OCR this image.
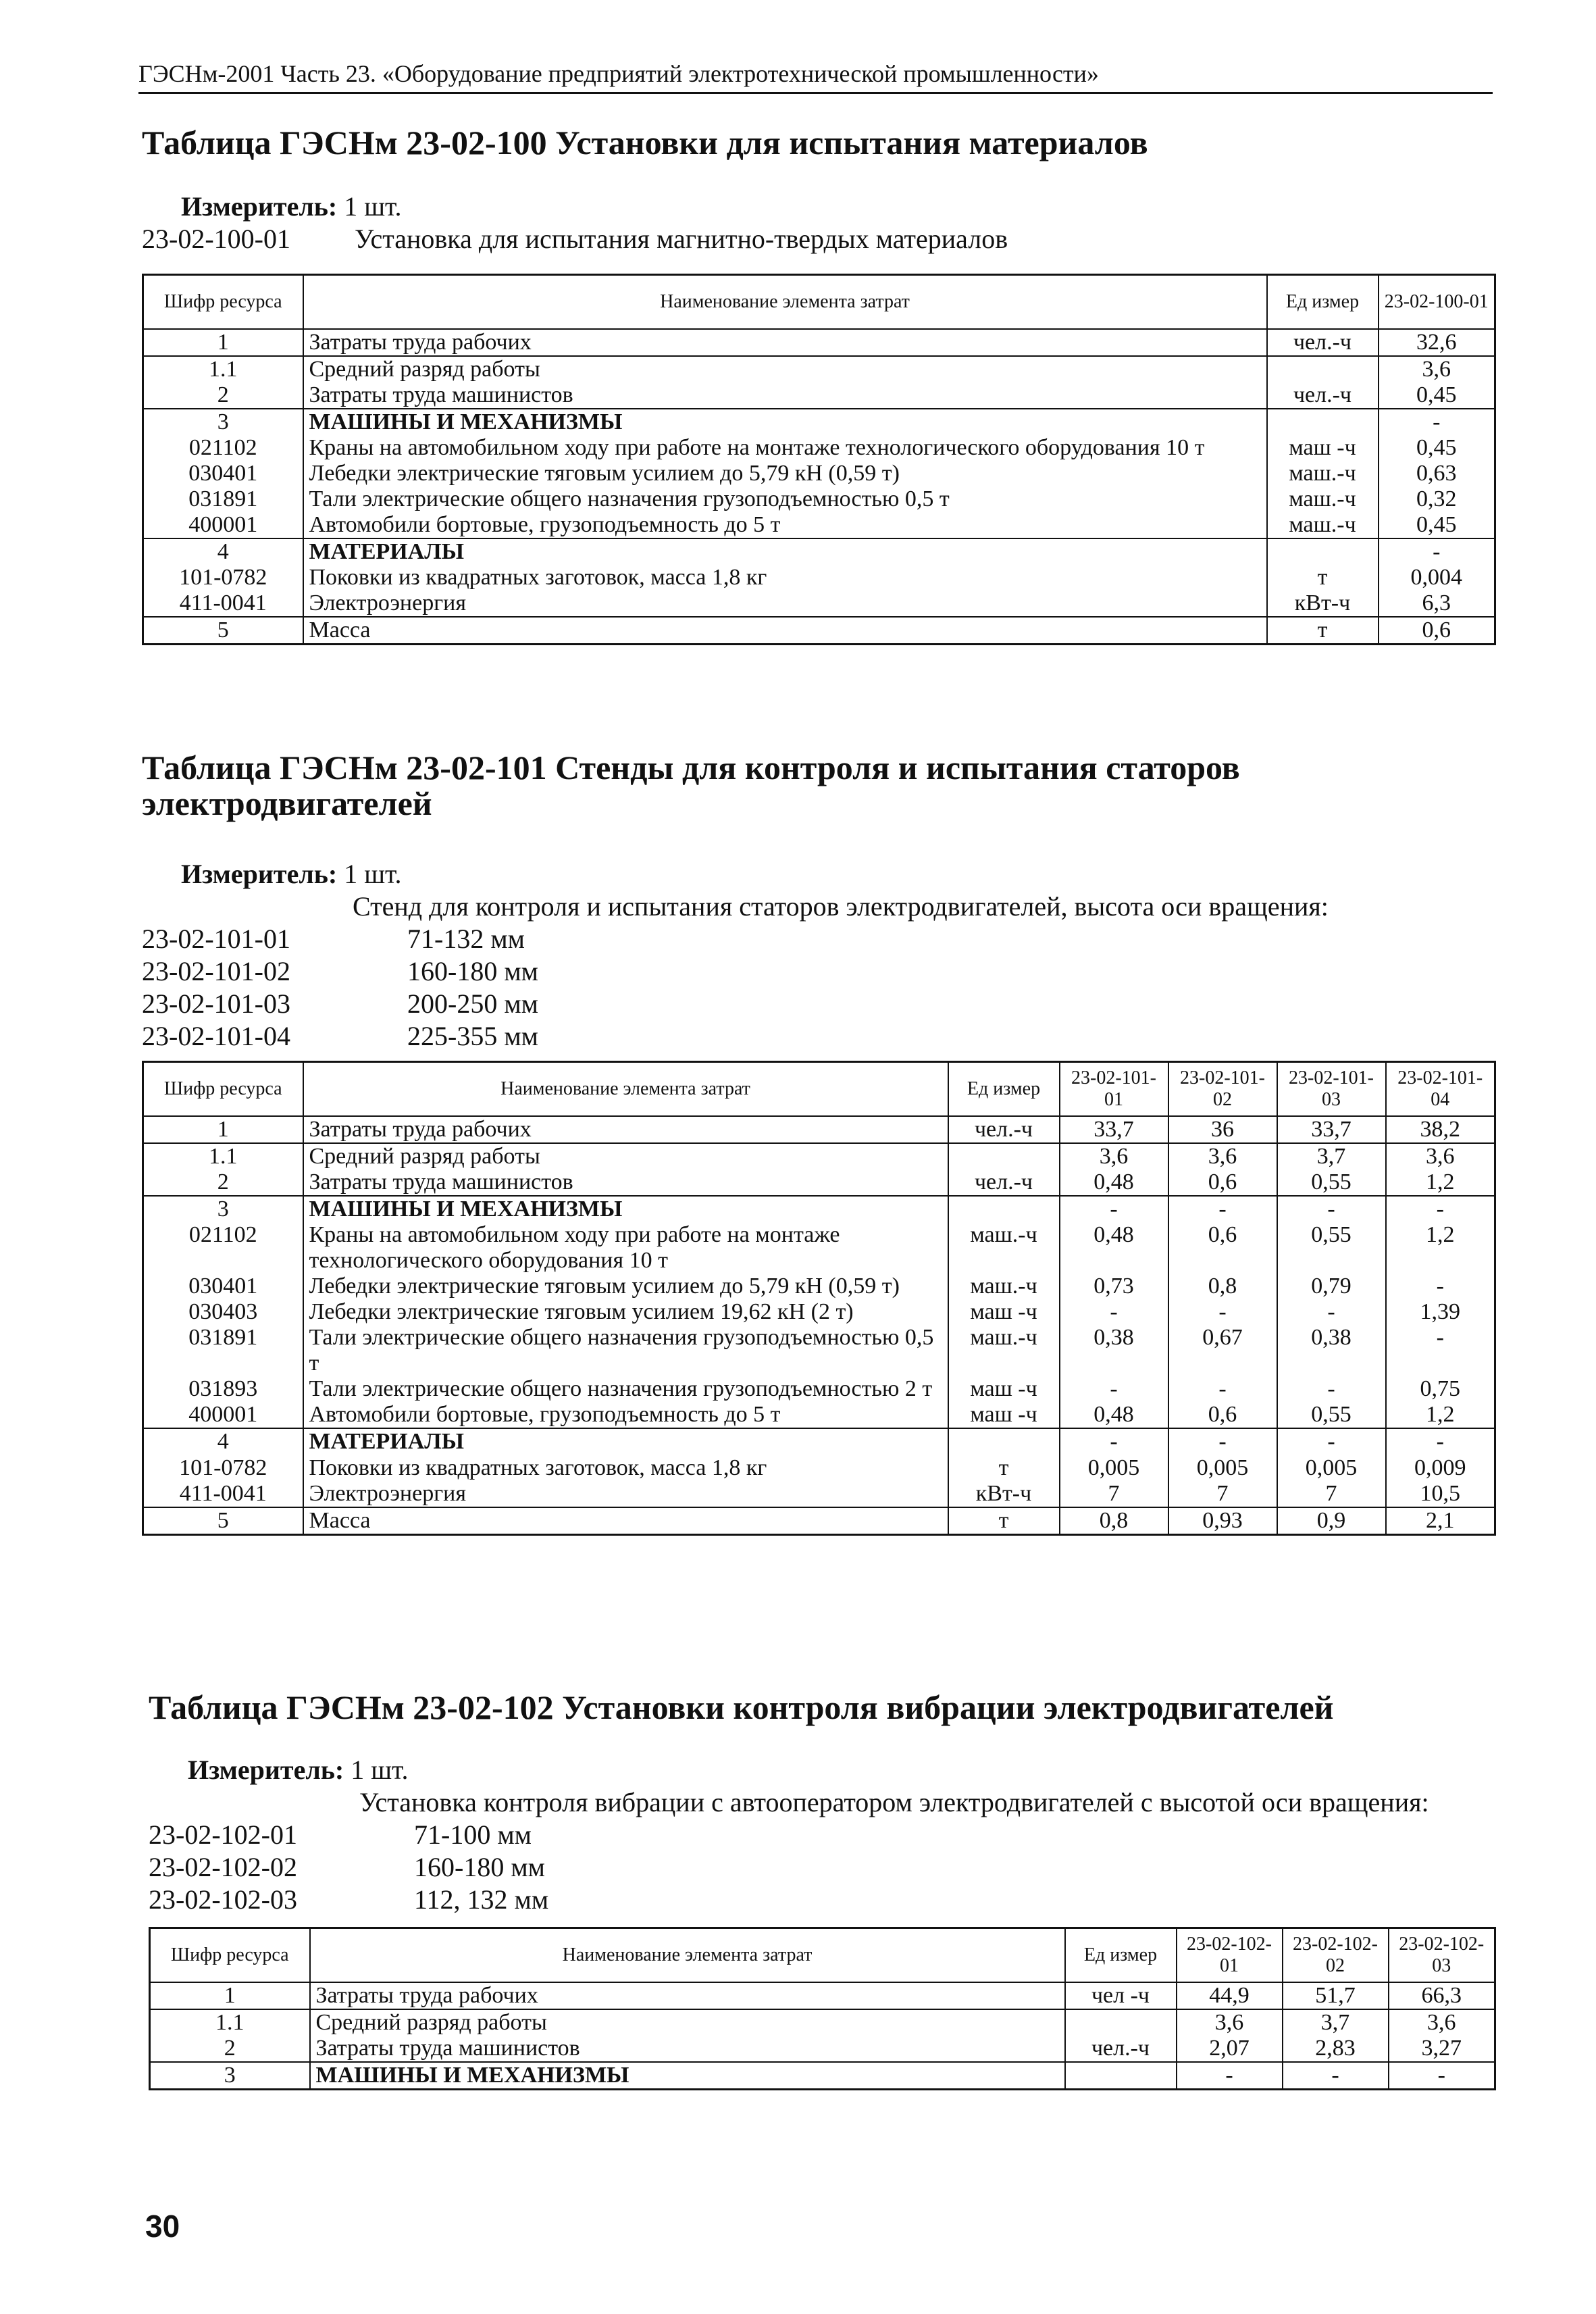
ГЭСНм-2001 Часть 23. «Оборудование предприятий электротехнической промышленности»
Таблица ГЭСНм 23-02-100 Установки для испытания материалов
Измеритель: 1 шт.
23-02-100-01 Установка для испытания магнитно-твердых материалов
Шифр ресурса	Наименование элемента затрат	Ед измер	23-02-100-01
1	Затраты труда рабочих	чел.-ч	32,6
1.1	Средний разряд работы		3,6
2	Затраты труда машинистов	чел.-ч	0,45
3	МАШИНЫ И МЕХАНИЗМЫ		-
021102	Краны на автомобильном ходу при работе на монтаже технологического оборудования 10 т	маш -ч	0,45
030401	Лебедки электрические тяговым усилием до 5,79 кН (0,59 т)	маш.-ч	0,63
031891	Тали электрические общего назначения грузоподъемностью 0,5 т	маш.-ч	0,32
400001	Автомобили бортовые, грузоподъемность до 5 т	маш.-ч	0,45
4	МАТЕРИАЛЫ		-
101-0782	Поковки из квадратных заготовок, масса 1,8 кг	т	0,004
411-0041	Электроэнергия	кВт-ч	6,3
5	Масса	т	0,6
Таблица ГЭСНм 23-02-101 Стенды для контроля и испытания статоров электродвигателей
Измеритель: 1 шт.
Стенд для контроля и испытания статоров электродвигателей, высота оси вращения:
23-02-101-01	71-132 мм
23-02-101-02	160-180 мм
23-02-101-03	200-250 мм
23-02-101-04	225-355 мм
Шифр ресурса	Наименование элемента затрат	Ед измер	23-02-101-01	23-02-101-02	23-02-101-03	23-02-101-04
1	Затраты труда рабочих	чел.-ч	33,7	36	33,7	38,2
1.1	Средний разряд работы		3,6	3,6	3,7	3,6
2	Затраты труда машинистов	чел.-ч	0,48	0,6	0,55	1,2
3	МАШИНЫ И МЕХАНИЗМЫ		-	-	-	-
021102	Краны на автомобильном ходу при работе на монтаже технологического оборудования 10 т	маш.-ч	0,48	0,6	0,55	1,2
030401	Лебедки электрические тяговым усилием до 5,79 кН (0,59 т)	маш.-ч	0,73	0,8	0,79	-
030403	Лебедки электрические тяговым усилием 19,62 кН (2 т)	маш -ч	-	-	-	1,39
031891	Тали электрические общего назначения грузоподъемностью 0,5 т	маш.-ч	0,38	0,67	0,38	-
031893	Тали электрические общего назначения грузоподъемностью 2 т	маш -ч	-	-	-	0,75
400001	Автомобили бортовые, грузоподъемность до 5 т	маш -ч	0,48	0,6	0,55	1,2
4	МАТЕРИАЛЫ		-	-	-	-
101-0782	Поковки из квадратных заготовок, масса 1,8 кг	т	0,005	0,005	0,005	0,009
411-0041	Электроэнергия	кВт-ч	7	7	7	10,5
5	Масса	т	0,8	0,93	0,9	2,1
Таблица ГЭСНм 23-02-102 Установки контроля вибрации электродвигателей
Измеритель: 1 шт.
Установка контроля вибрации с автооператором электродвигателей с высотой оси вращения:
23-02-102-01	71-100 мм
23-02-102-02	160-180 мм
23-02-102-03	112, 132 мм
Шифр ресурса	Наименование элемента затрат	Ед измер	23-02-102-01	23-02-102-02	23-02-102-03
1	Затраты труда рабочих	чел -ч	44,9	51,7	66,3
1.1	Средний разряд работы		3,6	3,7	3,6
2	Затраты труда машинистов	чел.-ч	2,07	2,83	3,27
3	МАШИНЫ И МЕХАНИЗМЫ		-	-	-
30
